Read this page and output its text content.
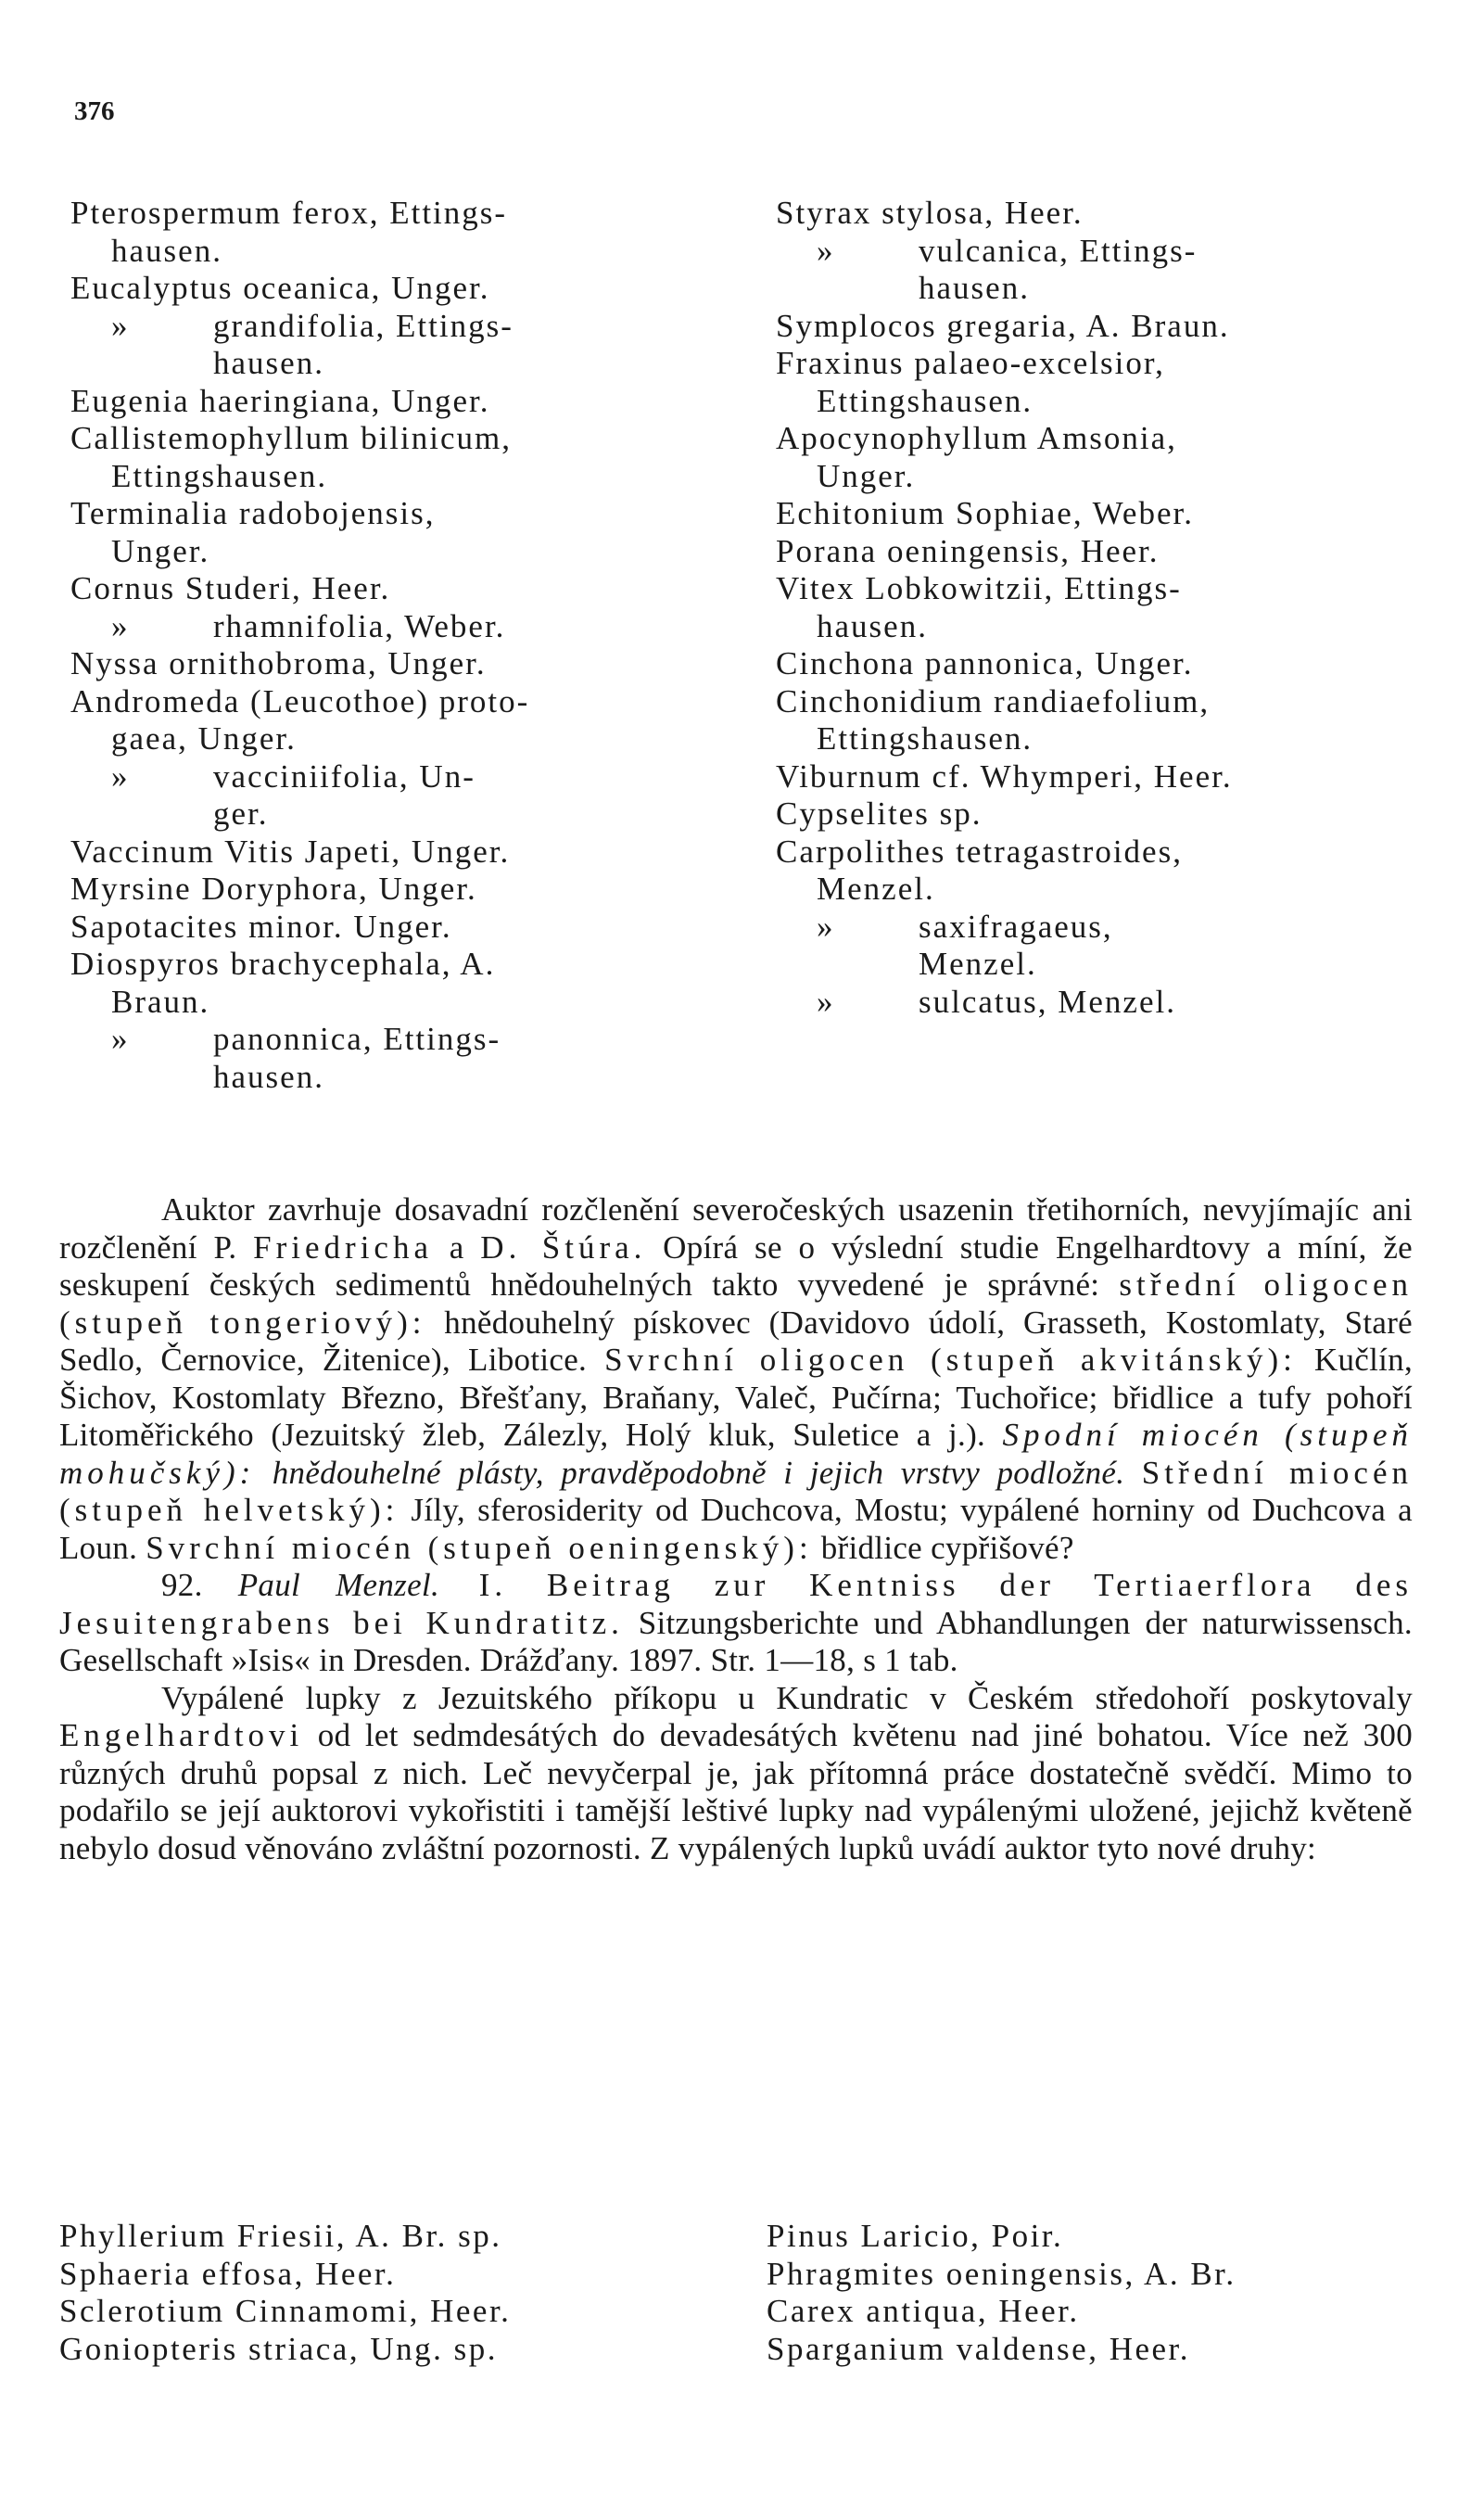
376
Pterospermum ferox, Ettings-
hausen.
Eucalyptus oceanica, Unger.
»	grandifolia, Ettings-
hausen.
Eugenia haeringiana, Unger.
Callistemophyllum bilinicum,
Ettingshausen.
Terminalia radobojensis,
Unger.
Cornus Studeri, Heer.
»	rhamnifolia, Weber.
Nyssa ornithobroma, Unger.
Andromeda (Leucothoe) proto-
gaea, Unger.
»	vacciniifolia, Un-
ger.
Vaccinum Vitis Japeti, Unger.
Myrsine Doryphora, Unger.
Sapotacites minor. Unger.
Diospyros brachycephala, A.
Braun.
»	panonnica, Ettings-
hausen.
Styrax stylosa, Heer.
»	vulcanica, Ettings-
hausen.
Symplocos gregaria, A. Braun.
Fraxinus palaeo-excelsior,
Ettingshausen.
Apocynophyllum Amsonia,
Unger.
Echitonium Sophiae, Weber.
Porana oeningensis, Heer.
Vitex Lobkowitzii, Ettings-
hausen.
Cinchona pannonica, Unger.
Cinchonidium randiaefolium,
Ettingshausen.
Viburnum cf. Whymperi, Heer.
Cypselites sp.
Carpolithes tetragastroides,
Menzel.
»	saxifragaeus,
Menzel.
»	sulcatus, Menzel.

Auktor zavrhuje dosavadní rozčlenění severočeských usazenin třetihorních, nevyjímajíc ani rozčlenění P. Friedricha a D. Štúra. Opírá se o výslední studie Engelhardtovy a míní, že seskupení českých sedimentů hnědouhelných takto vyvedené je správné: střední oligocen (stupeň tongeriový): hnědouhelný pískovec (Davidovo údolí, Grasseth, Kostomlaty, Staré Sedlo, Černovice, Žitenice), Libotice. Svrchní oligocen (stupeň akvitánský): Kučlín, Šichov, Kostomlaty Březno, Břešťany, Braňany, Valeč, Pučírna; Tuchořice; břidlice a tufy pohoří Litoměřického (Jezuitský žleb, Zálezly, Holý kluk, Suletice a j.). Spodní miocén (stupeň mohučský): hnědouhelné plásty, pravděpodobně i jejich vrstvy podložné. Střední miocén (stupeň helvetský): Jíly, sferosiderity od Duchcova, Mostu; vypálené horniny od Duchcova a Loun. Svrchní miocén (stupeň oeningenský): břidlice cypřišové?

92. Paul Menzel. I. Beitrag zur Kentniss der Tertiaerflora des Jesuitengrabens bei Kundratitz. Sitzungsberichte und Abhandlungen der naturwissensch. Gesellschaft »Isis« in Dresden. Drážďany. 1897. Str. 1—18, s 1 tab.

Vypálené lupky z Jezuitského příkopu u Kundratic v Českém středohoří poskytovaly Engelhardtovi od let sedmdesátých do devadesátých květenu nad jiné bohatou. Více než 300 různých druhů popsal z nich. Leč nevyčerpal je, jak přítomná práce dostatečně svědčí. Mimo to podařilo se její auktorovi vykořistiti i tamější leštivé lupky nad vypálenými uložené, jejichž květeně nebylo dosud věnováno zvláštní pozornosti. Z vypálených lupků uvádí auktor tyto nové druhy:

Phyllerium Friesii, A. Br. sp.
Sphaeria effosa, Heer.
Sclerotium Cinnamomi, Heer.
Goniopteris striaca, Ung. sp.
Pinus Laricio, Poir.
Phragmites oeningensis, A. Br.
Carex antiqua, Heer.
Sparganium valdense, Heer.
